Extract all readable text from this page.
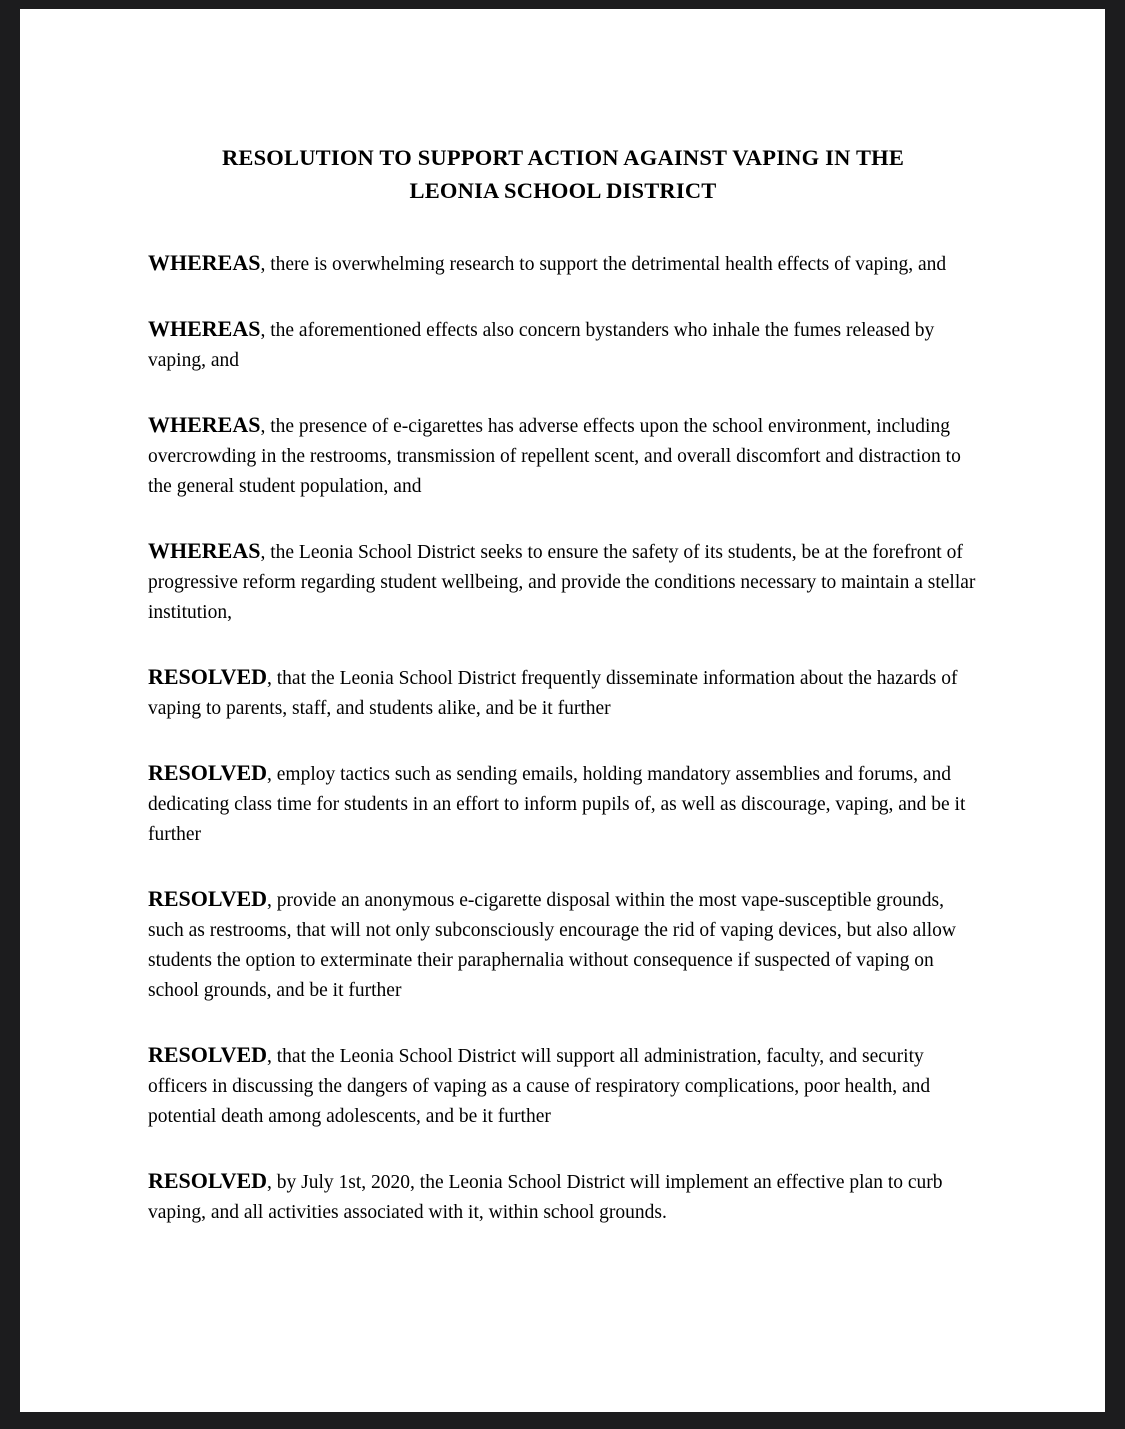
RESOLUTION TO SUPPORT ACTION AGAINST VAPING IN THE
LEONIA SCHOOL DISTRICT

WHEREAS, there is overwhelming research to support the detrimental health effects of vaping, and

WHEREAS, the aforementioned effects also concern bystanders who inhale the fumes released by vaping, and

WHEREAS, the presence of e-cigarettes has adverse effects upon the school environment, including overcrowding in the restrooms, transmission of repellent scent, and overall discomfort and distraction to the general student population, and

WHEREAS, the Leonia School District seeks to ensure the safety of its students, be at the forefront of progressive reform regarding student wellbeing, and provide the conditions necessary to maintain a stellar institution,

RESOLVED, that the Leonia School District frequently disseminate information about the hazards of vaping to parents, staff, and students alike, and be it further

RESOLVED, employ tactics such as sending emails, holding mandatory assemblies and forums, and dedicating class time for students in an effort to inform pupils of, as well as discourage, vaping, and be it further

RESOLVED, provide an anonymous e-cigarette disposal within the most vape-susceptible grounds, such as restrooms, that will not only subconsciously encourage the rid of vaping devices, but also allow students the option to exterminate their paraphernalia without consequence if suspected of vaping on school grounds, and be it further

RESOLVED, that the Leonia School District will support all administration, faculty, and security officers in discussing the dangers of vaping as a cause of respiratory complications, poor health, and potential death among adolescents, and be it further

RESOLVED, by July 1st, 2020, the Leonia School District will implement an effective plan to curb vaping, and all activities associated with it, within school grounds.
